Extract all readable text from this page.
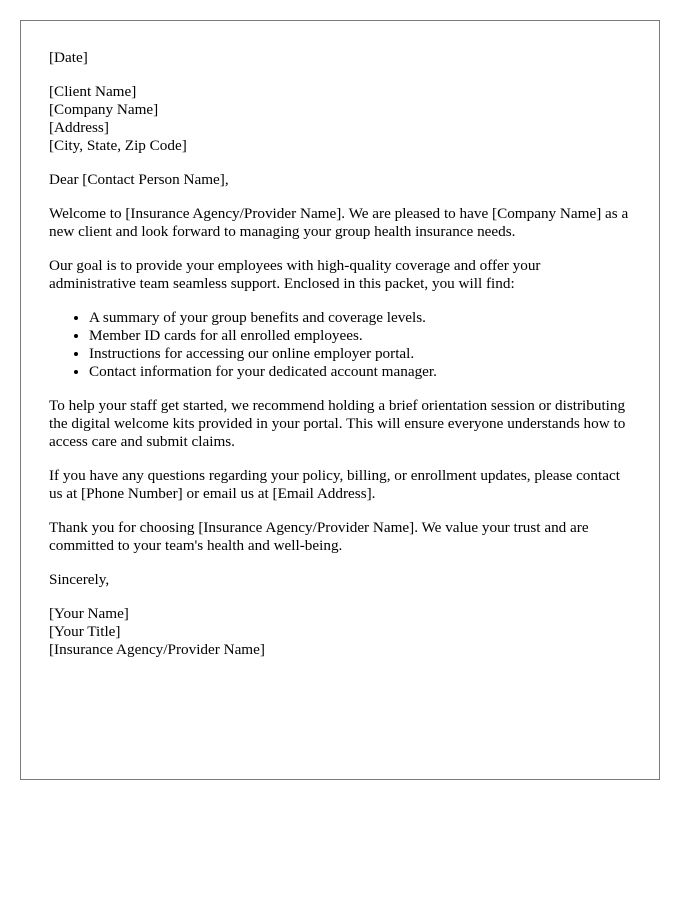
[Date]

[Client Name]
[Company Name]
[Address]
[City, State, Zip Code]

Dear [Contact Person Name],

Welcome to [Insurance Agency/Provider Name]. We are pleased to have [Company Name] as a new client and look forward to managing your group health insurance needs.

Our goal is to provide your employees with high-quality coverage and offer your administrative team seamless support. Enclosed in this packet, you will find:

• A summary of your group benefits and coverage levels.
• Member ID cards for all enrolled employees.
• Instructions for accessing our online employer portal.
• Contact information for your dedicated account manager.

To help your staff get started, we recommend holding a brief orientation session or distributing the digital welcome kits provided in your portal. This will ensure everyone understands how to access care and submit claims.

If you have any questions regarding your policy, billing, or enrollment updates, please contact us at [Phone Number] or email us at [Email Address].

Thank you for choosing [Insurance Agency/Provider Name]. We value your trust and are committed to your team's health and well-being.

Sincerely,

[Your Name]
[Your Title]
[Insurance Agency/Provider Name]
